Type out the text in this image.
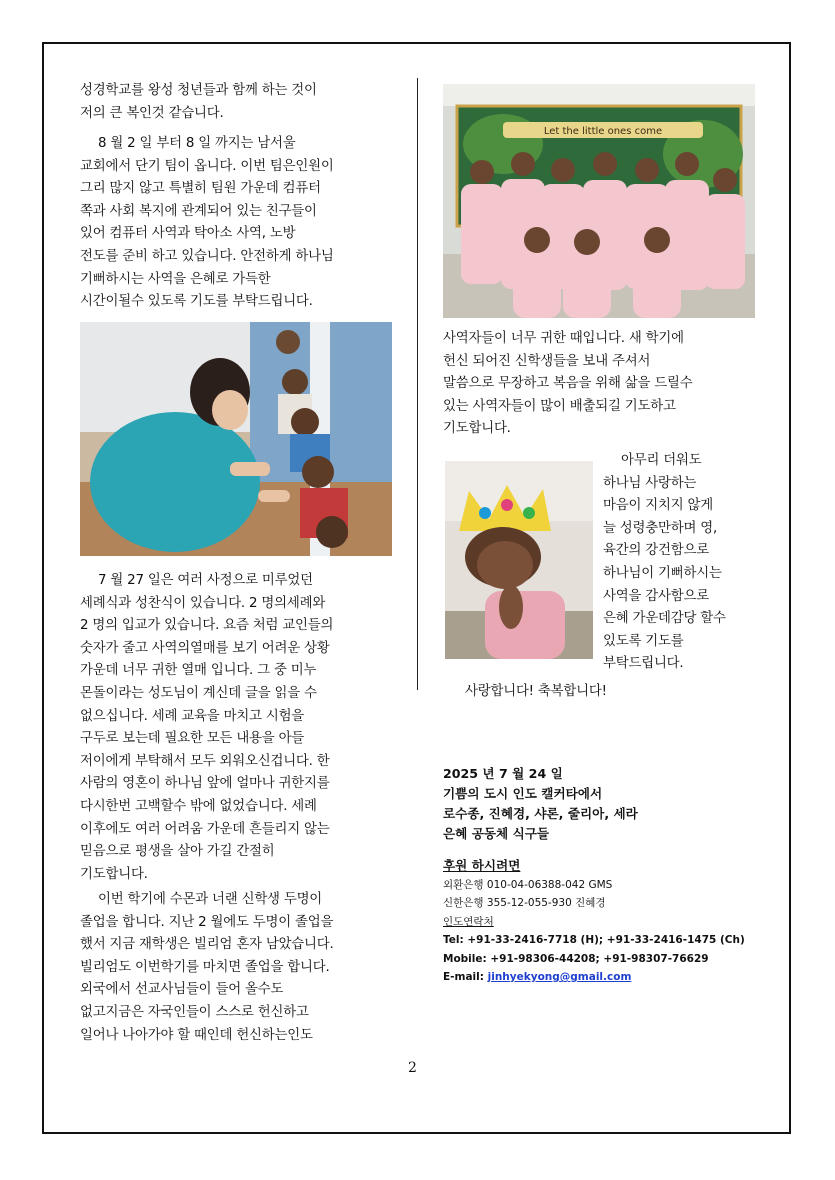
성경학교를 왕성 청년들과 함께 하는 것이

저의 큰 복인것 같습니다.

8 월 2 일 부터 8 일 까지는 남서울

교회에서 단기 팀이 옵니다. 이번 팀은인원이

그리 많지 않고 특별히 팀원 가운데 컴퓨터

쪽과 사회 복지에 관계되어 있는 친구들이

있어 컴퓨터 사역과 탁아소 사역, 노방

전도를 준비 하고 있습니다. 안전하게 하나님

기뻐하시는 사역을 은혜로 가득한

시간이될수 있도록 기도를 부탁드립니다.

7 월 27 일은 여러 사정으로 미루었던

세례식과 성찬식이 있습니다. 2 명의세례와

2 명의 입교가 있습니다. 요즘 처럼 교인들의

숫자가 줄고 사역의열매를 보기 어려운 상황

가운데 너무 귀한 열매 입니다. 그 중 미누

몬돌이라는 성도님이 계신데 글을 읽을 수

없으십니다. 세례 교육을 마치고 시험을

구두로 보는데 필요한 모든 내용을 아들

저이에게 부탁해서 모두 외워오신겁니다. 한

사람의 영혼이 하나님 앞에 얼마나 귀한지를

다시한번 고백할수 밖에 없었습니다. 세례

이후에도 여러 어려움 가운데 흔들리지 않는

믿음으로 평생을 살아 가길 간절히

기도합니다.

이번 학기에 수몬과 너랜 신학생 두명이

졸업을 합니다. 지난 2 월에도 두명이 졸업을

했서 지금 재학생은 빌리엄 혼자 남았습니다.

빌리엄도 이번학기를 마치면 졸업을 합니다.

외국에서 선교사님들이 들어 올수도

없고지금은 자국인들이 스스로 헌신하고

일어나 나아가야 할 때인데 헌신하는인도

Let the little ones come

사역자들이 너무 귀한 때입니다. 새 학기에

헌신 되어진 신학생들을 보내 주셔서

말씀으로 무장하고 복음을 위해 삶을 드릴수

있는 사역자들이 많이 배출되길 기도하고

기도합니다.

아무리 더워도

하나님 사랑하는

마음이 지치지 않게

늘 성령충만하며 영,

육간의 강건함으로

하나님이 기뻐하시는

사역을 감사함으로

은혜 가운데감당 할수

있도록 기도를

부탁드립니다.

사랑합니다! 축복합니다!

2025 년 7 월 24 일
기쁨의 도시 인도 캘커타에서
로수종, 진혜경, 샤론, 줄리아, 세라
은혜 공동체 식구들
후원 하시려면
외환은행 010-04-06388-042 GMS
신한은행 355-12-055-930 진혜경
인도연락처
Tel: +91-33-2416-7718 (H); +91-33-2416-1475 (Ch)
Mobile: +91-98306-44208; +91-98307-76629
E-mail: jinhyekyong@gmail.com
2
